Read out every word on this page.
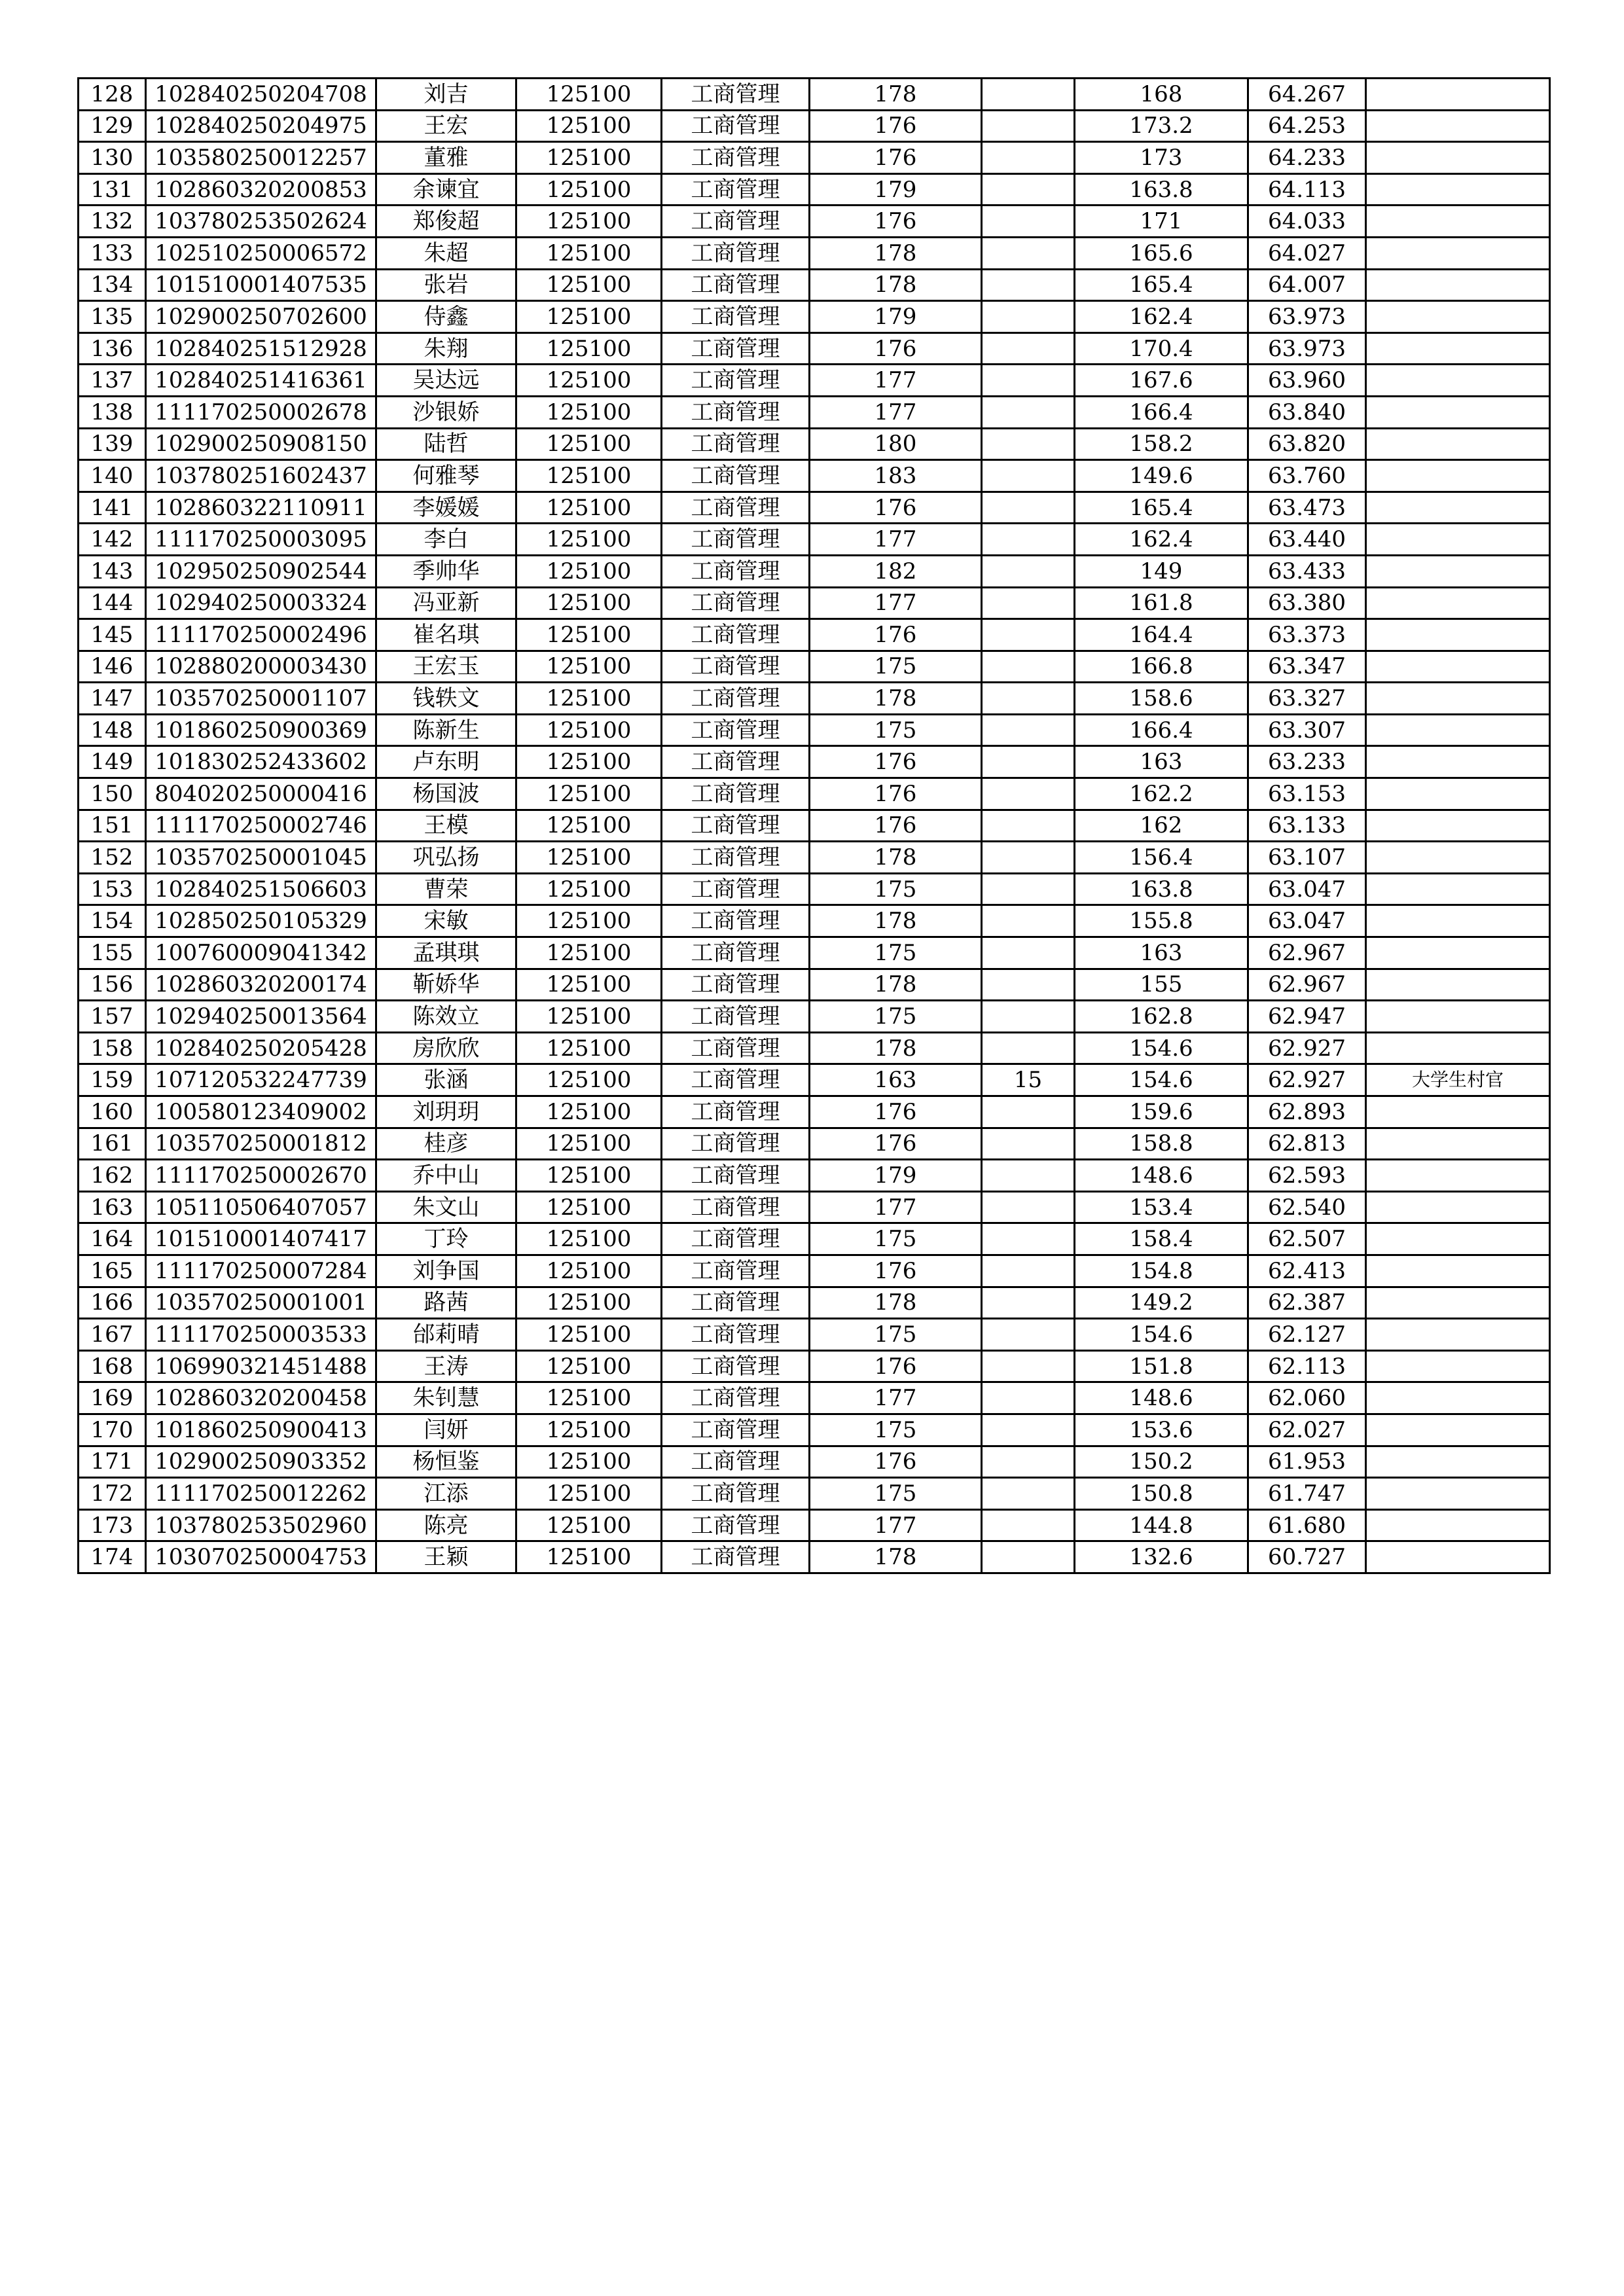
128	102840250204708	刘吉	125100	工商管理	178		168	64.267	
129	102840250204975	王宏	125100	工商管理	176		173.2	64.253	
130	103580250012257	董雅	125100	工商管理	176		173	64.233	
131	102860320200853	余谏宜	125100	工商管理	179		163.8	64.113	
132	103780253502624	郑俊超	125100	工商管理	176		171	64.033	
133	102510250006572	朱超	125100	工商管理	178		165.6	64.027	
134	101510001407535	张岩	125100	工商管理	178		165.4	64.007	
135	102900250702600	侍鑫	125100	工商管理	179		162.4	63.973	
136	102840251512928	朱翔	125100	工商管理	176		170.4	63.973	
137	102840251416361	吴达远	125100	工商管理	177		167.6	63.960	
138	111170250002678	沙银娇	125100	工商管理	177		166.4	63.840	
139	102900250908150	陆哲	125100	工商管理	180		158.2	63.820	
140	103780251602437	何雅琴	125100	工商管理	183		149.6	63.760	
141	102860322110911	李媛媛	125100	工商管理	176		165.4	63.473	
142	111170250003095	李白	125100	工商管理	177		162.4	63.440	
143	102950250902544	季帅华	125100	工商管理	182		149	63.433	
144	102940250003324	冯亚新	125100	工商管理	177		161.8	63.380	
145	111170250002496	崔名琪	125100	工商管理	176		164.4	63.373	
146	102880200003430	王宏玉	125100	工商管理	175		166.8	63.347	
147	103570250001107	钱轶文	125100	工商管理	178		158.6	63.327	
148	101860250900369	陈新生	125100	工商管理	175		166.4	63.307	
149	101830252433602	卢东明	125100	工商管理	176		163	63.233	
150	804020250000416	杨国波	125100	工商管理	176		162.2	63.153	
151	111170250002746	王模	125100	工商管理	176		162	63.133	
152	103570250001045	巩弘扬	125100	工商管理	178		156.4	63.107	
153	102840251506603	曹荣	125100	工商管理	175		163.8	63.047	
154	102850250105329	宋敏	125100	工商管理	178		155.8	63.047	
155	100760009041342	孟琪琪	125100	工商管理	175		163	62.967	
156	102860320200174	靳娇华	125100	工商管理	178		155	62.967	
157	102940250013564	陈效立	125100	工商管理	175		162.8	62.947	
158	102840250205428	房欣欣	125100	工商管理	178		154.6	62.927	
159	107120532247739	张涵	125100	工商管理	163	15	154.6	62.927	大学生村官
160	100580123409002	刘玥玥	125100	工商管理	176		159.6	62.893	
161	103570250001812	桂彦	125100	工商管理	176		158.8	62.813	
162	111170250002670	乔中山	125100	工商管理	179		148.6	62.593	
163	105110506407057	朱文山	125100	工商管理	177		153.4	62.540	
164	101510001407417	丁玲	125100	工商管理	175		158.4	62.507	
165	111170250007284	刘争国	125100	工商管理	176		154.8	62.413	
166	103570250001001	路茜	125100	工商管理	178		149.2	62.387	
167	111170250003533	邰莉晴	125100	工商管理	175		154.6	62.127	
168	106990321451488	王涛	125100	工商管理	176		151.8	62.113	
169	102860320200458	朱钊慧	125100	工商管理	177		148.6	62.060	
170	101860250900413	闫妍	125100	工商管理	175		153.6	62.027	
171	102900250903352	杨恒鉴	125100	工商管理	176		150.2	61.953	
172	111170250012262	江添	125100	工商管理	175		150.8	61.747	
173	103780253502960	陈亮	125100	工商管理	177		144.8	61.680	
174	103070250004753	王颖	125100	工商管理	178		132.6	60.727	
